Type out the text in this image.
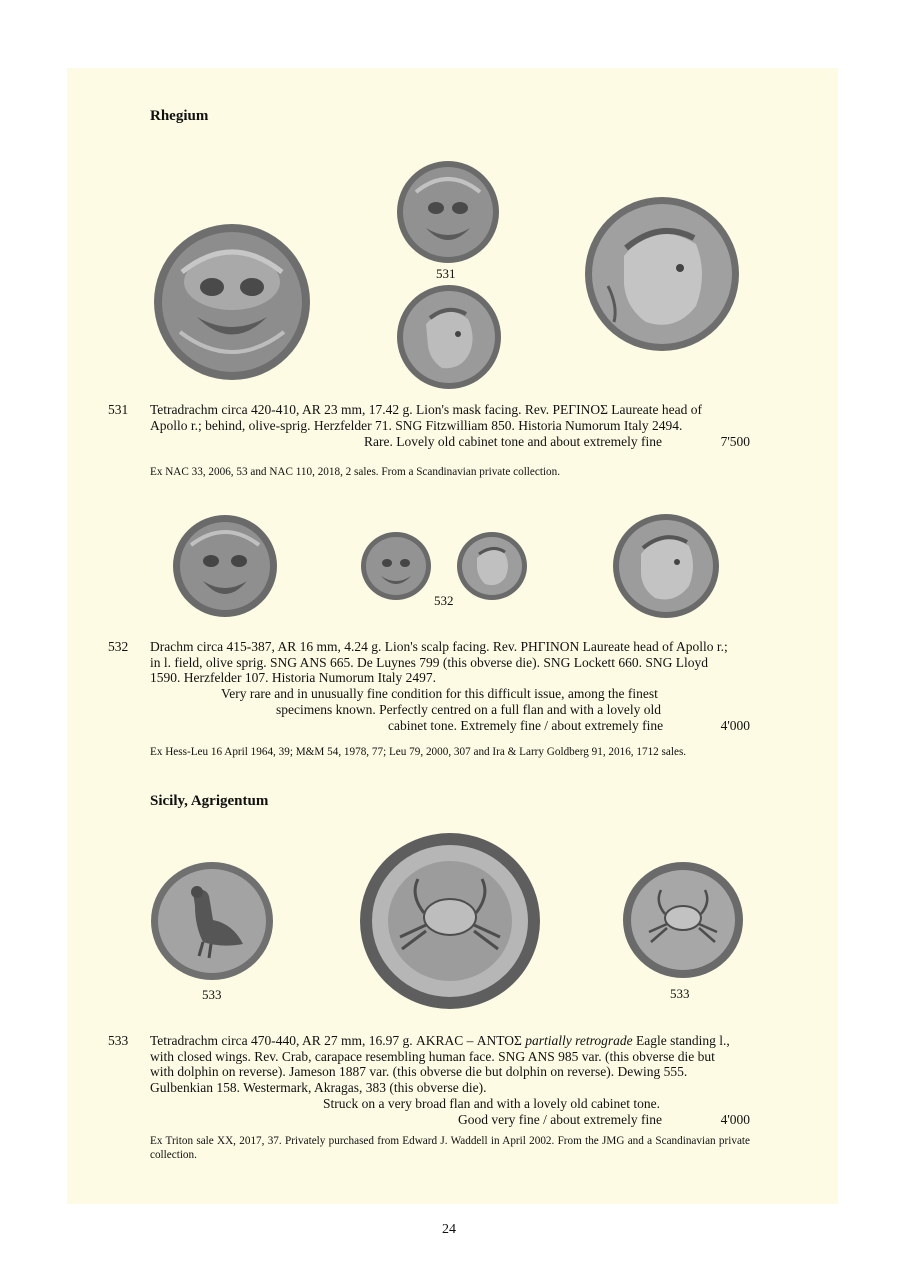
Rhegium
531
531 Tetradrachm circa 420-410, AR 23 mm, 17.42 g. Lion's mask facing. Rev. ΡΕΓΙΝΟΣ Laureate head of
Apollo r.; behind, olive-sprig. Herzfelder 71. SNG Fitzwilliam 850. Historia Numorum Italy 2494.
Rare. Lovely old cabinet tone and about extremely fine	7'500
Ex NAC 33, 2006, 53 and NAC 110, 2018, 2 sales. From a Scandinavian private collection.
532
532 Drachm circa 415-387, AR 16 mm, 4.24 g. Lion's scalp facing. Rev. ΡΗΓΙΝΟΝ Laureate head of Apollo r.;
in l. field, olive sprig. SNG ANS 665. De Luynes 799 (this obverse die). SNG Lockett 660. SNG Lloyd
1590. Herzfelder 107. Historia Numorum Italy 2497.
Very rare and in unusually fine condition for this difficult issue, among the finest
specimens known. Perfectly centred on a full flan and with a lovely old
cabinet tone. Extremely fine / about extremely fine	4'000
Ex Hess-Leu 16 April 1964, 39; M&M 54, 1978, 77; Leu 79, 2000, 307 and Ira & Larry Goldberg 91, 2016, 1712 sales.
Sicily, Agrigentum
533	533
533 Tetradrachm circa 470-440, AR 27 mm, 16.97 g. ΑΚRΑC – ΑΝΤΟΣ partially retrograde Eagle standing l.,
with closed wings. Rev. Crab, carapace resembling human face. SNG ANS 985 var. (this obverse die but
with dolphin on reverse). Jameson 1887 var. (this obverse die but dolphin on reverse). Dewing 555.
Gulbenkian 158. Westermark, Akragas, 383 (this obverse die).
Struck on a very broad flan and with a lovely old cabinet tone.
Good very fine / about extremely fine	4'000
Ex Triton sale XX, 2017, 37. Privately purchased from Edward J. Waddell in April 2002. From the JMG and a Scandinavian private collection.
24
